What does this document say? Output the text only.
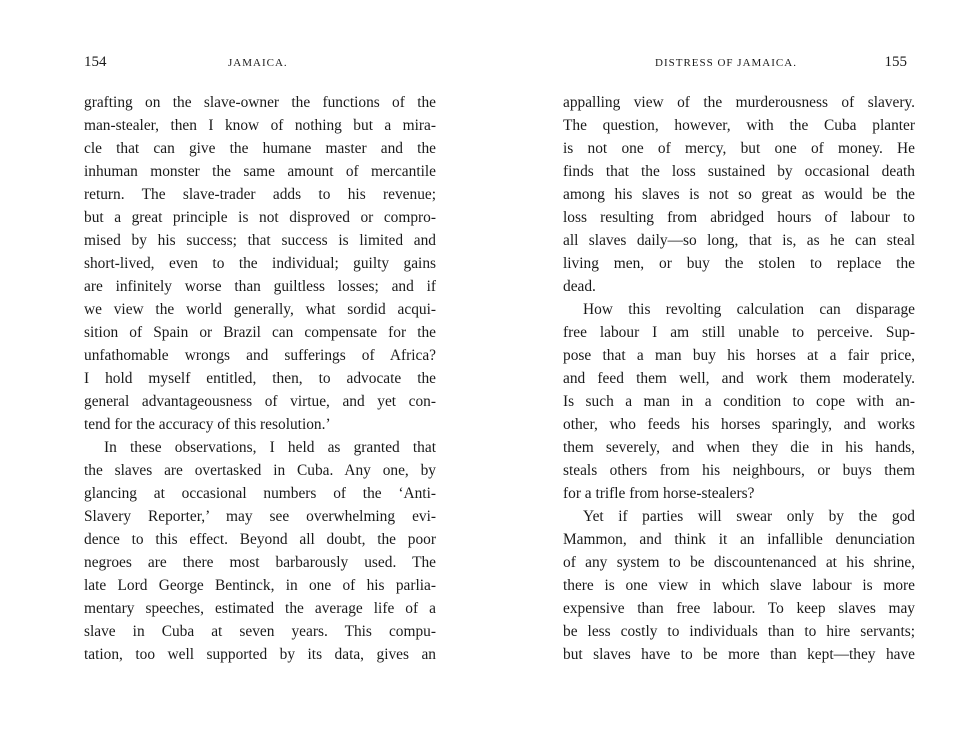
154	JAMAICA.
grafting on the slave-owner the functions of the
man-stealer, then I know of nothing but a mira-
cle that can give the humane master and the
inhuman monster the same amount of mercantile
return. The slave-trader adds to his revenue;
but a great principle is not disproved or compro-
mised by his success; that success is limited and
short-lived, even to the individual; guilty gains
are infinitely worse than guiltless losses; and if
we view the world generally, what sordid acqui-
sition of Spain or Brazil can compensate for the
unfathomable wrongs and sufferings of Africa?
I hold myself entitled, then, to advocate the
general advantageousness of virtue, and yet con-
tend for the accuracy of this resolution.’
In these observations, I held as granted that
the slaves are overtasked in Cuba. Any one, by
glancing at occasional numbers of the ‘Anti-
Slavery Reporter,’ may see overwhelming evi-
dence to this effect. Beyond all doubt, the poor
negroes are there most barbarously used. The
late Lord George Bentinck, in one of his parlia-
mentary speeches, estimated the average life of a
slave in Cuba at seven years. This compu-
tation, too well supported by its data, gives an
DISTRESS OF JAMAICA.	155
appalling view of the murderousness of slavery.
The question, however, with the Cuba planter
is not one of mercy, but one of money. He
finds that the loss sustained by occasional death
among his slaves is not so great as would be the
loss resulting from abridged hours of labour to
all slaves daily—so long, that is, as he can steal
living men, or buy the stolen to replace the
dead.
How this revolting calculation can disparage
free labour I am still unable to perceive. Sup-
pose that a man buy his horses at a fair price,
and feed them well, and work them moderately.
Is such a man in a condition to cope with an-
other, who feeds his horses sparingly, and works
them severely, and when they die in his hands,
steals others from his neighbours, or buys them
for a trifle from horse-stealers?
Yet if parties will swear only by the god
Mammon, and think it an infallible denunciation
of any system to be discountenanced at his shrine,
there is one view in which slave labour is more
expensive than free labour. To keep slaves may
be less costly to individuals than to hire servants;
but slaves have to be more than kept—they have
